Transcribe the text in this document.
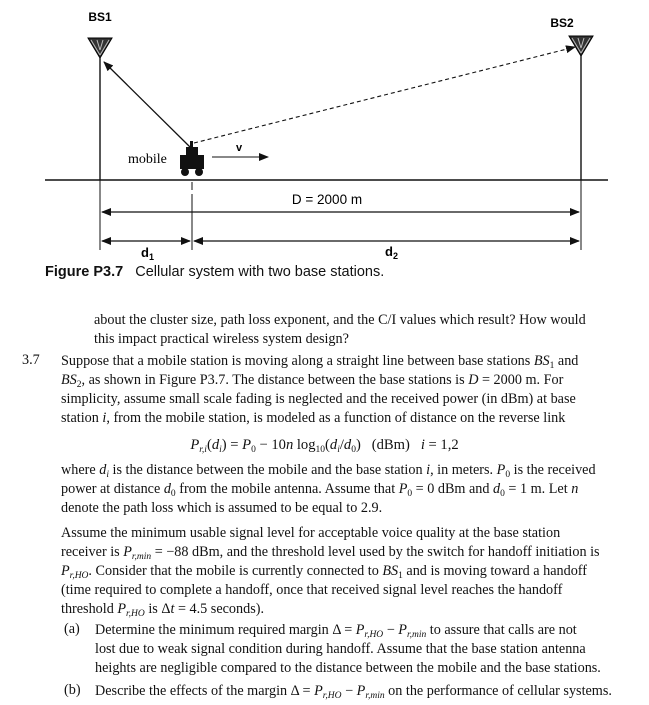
BS1	BS2
mobile
v
D = 2000 m
$d_1$	$d_2$
Figure P3.7 Cellular system with two base stations.
about the cluster size, path loss exponent, and the C/I values which result? How would
this impact practical wireless system design?
3.7 Suppose that a mobile station is moving along a straight line between base stations $BS_1$ and
$BS_2$, as shown in Figure P3.7. The distance between the base stations is D = 2000 m. For
simplicity, assume small scale fading is neglected and the received power (in dBm) at base
station i, from the mobile station, is modeled as a function of distance on the reverse link
$P_{r,i}(d_i) = P_0 - 10n$ $\log_{10}(d_i/d_0)$   (dBm)   i = 1,2
where $d_i$ is the distance between the mobile and the base station i, in meters. $P_0$ is the received
power at distance $d_0$ from the mobile antenna. Assume that $P_0 = 0$ dBm and $d_0 = 1$ m. Let n
denote the path loss which is assumed to be equal to 2.9.
Assume the minimum usable signal level for acceptable voice quality at the base station
receiver is $P_{r,min} = -88$ dBm, and the threshold level used by the switch for handoff initiation is
$P_{r,HO}$. Consider that the mobile is currently connected to $BS_1$ and is moving toward a handoff
(time required to complete a handoff, once that received signal level reaches the handoff
threshold $P_{r,HO}$ is Δt = 4.5 seconds).
(a) Determine the minimum required margin $\Delta = P_{r,HO} - P_{r,min}$ to assure that calls are not
lost due to weak signal condition during handoff. Assume that the base station antenna
heights are negligible compared to the distance between the mobile and the base stations.
(b) Describe the effects of the margin $\Delta = P_{r,HO} - P_{r,min}$ on the performance of cellular systems.
